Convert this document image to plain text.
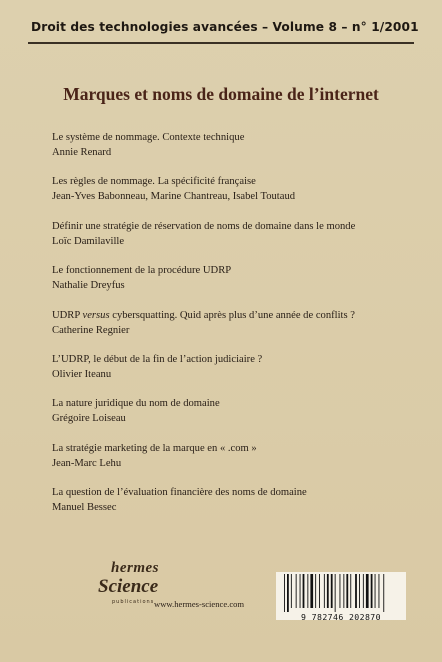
Droit des technologies avancées – Volume 8 – n° 1/2001
Marques et noms de domaine de l’internet
Le système de nommage. Contexte technique
Annie Renard
Les règles de nommage. La spécificité française
Jean-Yves Babonneau, Marine Chantreau, Isabel Toutaud
Définir une stratégie de réservation de noms de domaine dans le monde
Loïc Damilaville
Le fonctionnement de la procédure UDRP
Nathalie Dreyfus
UDRP versus cybersquatting. Quid après plus d’une année de conflits ?
Catherine Regnier
L’UDRP, le début de la fin de l’action judiciaire ?
Olivier Iteanu
La nature juridique du nom de domaine
Grégoire Loiseau
La stratégie marketing de la marque en « .com »
Jean-Marc Lehu
La question de l’évaluation financière des noms de domaine
Manuel Bessec
hermes
Science
publications www.hermes-science.com
9 782746 202870
